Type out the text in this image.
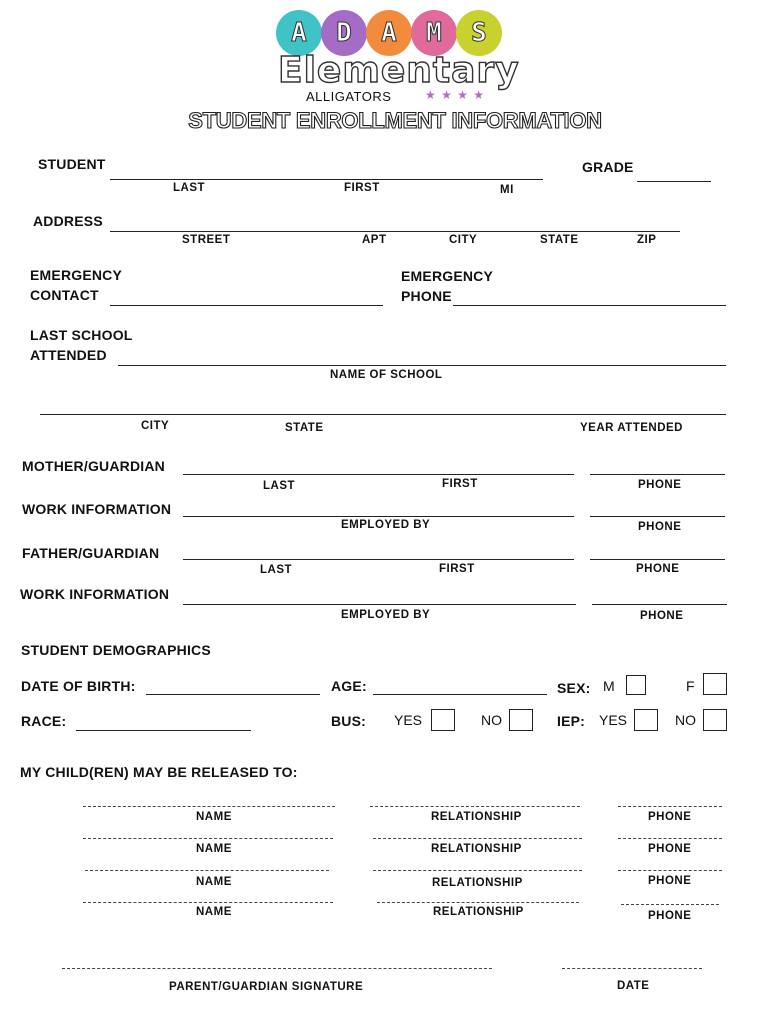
A	D	A	M	S
Elementary
ALLIGATORS	★ ★ ★ ★
STUDENT ENROLLMENT INFORMATION
STUDENT
LAST	FIRST	MI
GRADE
ADDRESS
STREET	APT	CITY	STATE	ZIP
EMERGENCY
CONTACT
EMERGENCY
PHONE
LAST SCHOOL
ATTENDED
NAME OF SCHOOL
CITY	STATE	YEAR ATTENDED
MOTHER/GUARDIAN
LAST	FIRST	PHONE
WORK INFORMATION
EMPLOYED BY	PHONE
FATHER/GUARDIAN
LAST	FIRST	PHONE
WORK INFORMATION
EMPLOYED BY	PHONE
STUDENT DEMOGRAPHICS
DATE OF BIRTH:	AGE:	SEX: M	F
RACE:	BUS: YES	NO	IEP: YES	NO
MY CHILD(REN) MAY BE RELEASED TO:
NAME	RELATIONSHIP	PHONE
NAME	RELATIONSHIP	PHONE
NAME	RELATIONSHIP	PHONE
NAME	RELATIONSHIP	PHONE
PARENT/GUARDIAN SIGNATURE	DATE
